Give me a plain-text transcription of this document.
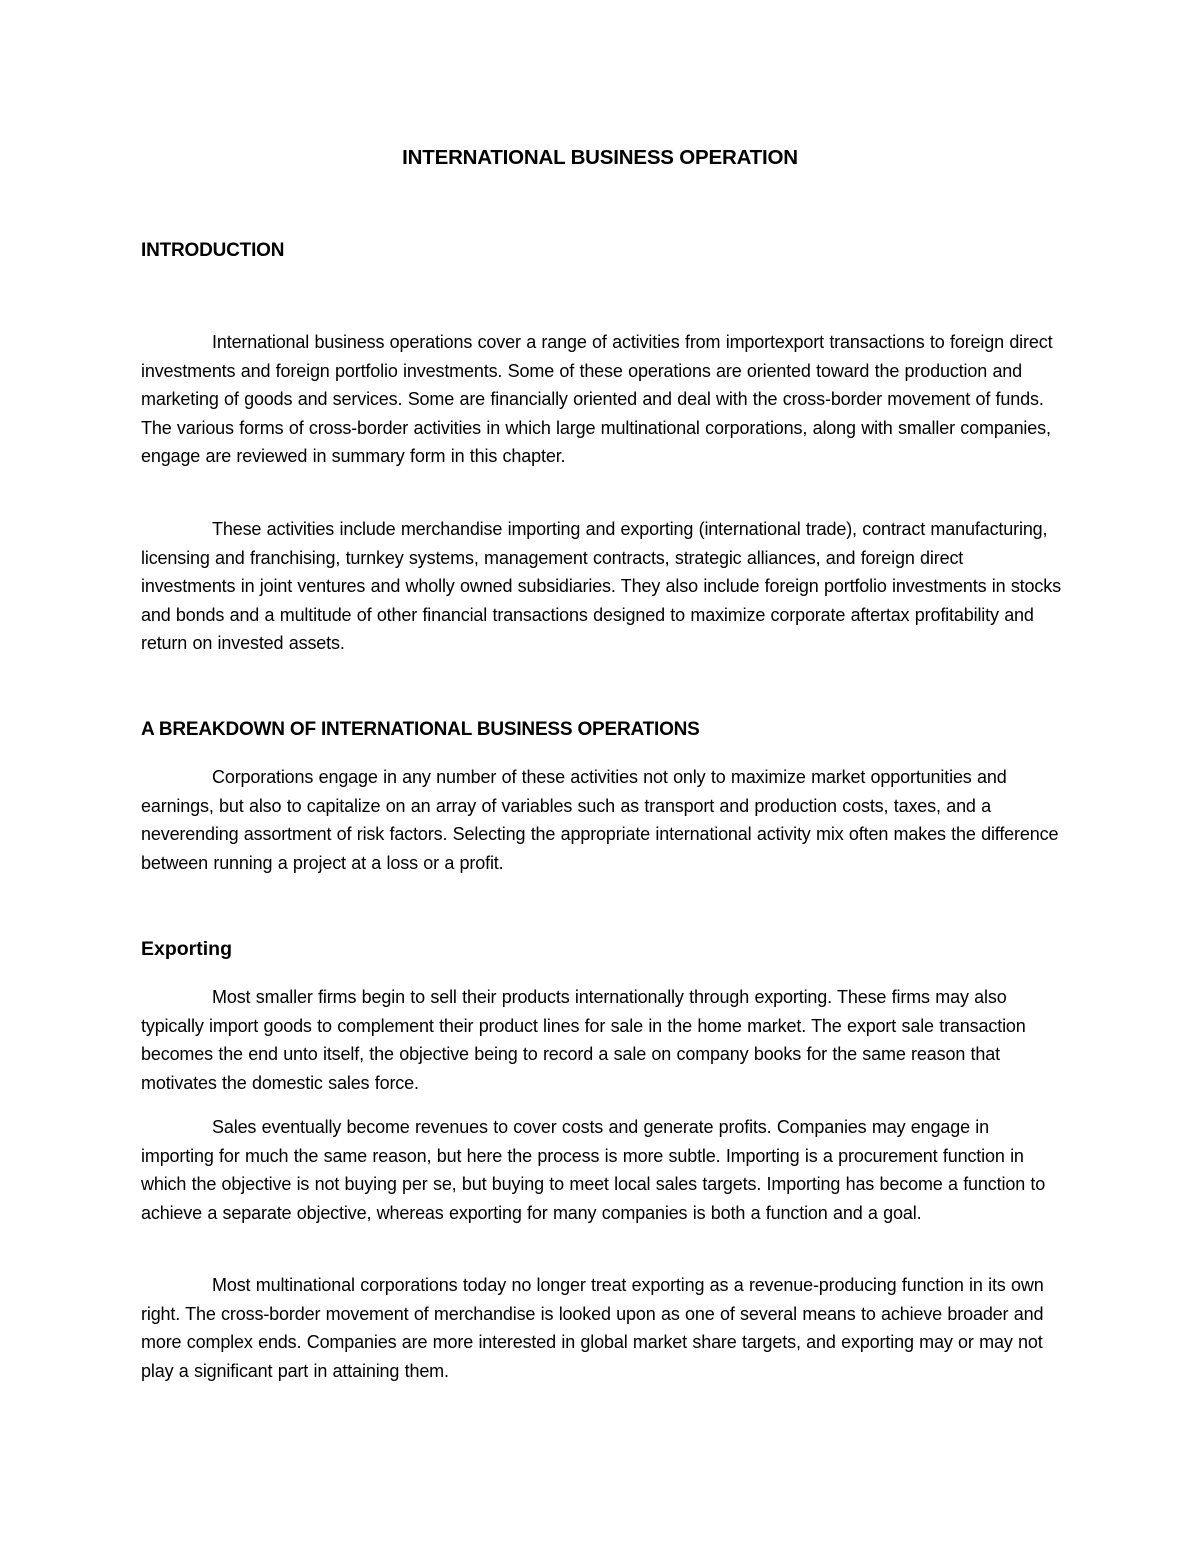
INTERNATIONAL BUSINESS OPERATION
INTRODUCTION

International business operations cover a range of activities from importexport transactions to foreign direct investments and foreign portfolio investments. Some of these operations are oriented toward the production and marketing of goods and services. Some are financially oriented and deal with the cross-border movement of funds. The various forms of cross-border activities in which large multinational corporations, along with smaller companies, engage are reviewed in summary form in this chapter.

These activities include merchandise importing and exporting (international trade), contract manufacturing, licensing and franchising, turnkey systems, management contracts, strategic alliances, and foreign direct investments in joint ventures and wholly owned subsidiaries. They also include foreign portfolio investments in stocks and bonds and a multitude of other financial transactions designed to maximize corporate aftertax profitability and return on invested assets.

A BREAKDOWN OF INTERNATIONAL BUSINESS OPERATIONS

Corporations engage in any number of these activities not only to maximize market opportunities and earnings, but also to capitalize on an array of variables such as transport and production costs, taxes, and a neverending assortment of risk factors. Selecting the appropriate international activity mix often makes the difference between running a project at a loss or a profit.

Exporting

Most smaller firms begin to sell their products internationally through exporting. These firms may also typically import goods to complement their product lines for sale in the home market. The export sale transaction becomes the end unto itself, the objective being to record a sale on company books for the same reason that motivates the domestic sales force.

Sales eventually become revenues to cover costs and generate profits. Companies may engage in importing for much the same reason, but here the process is more subtle. Importing is a procurement function in which the objective is not buying per se, but buying to meet local sales targets. Importing has become a function to achieve a separate objective, whereas exporting for many companies is both a function and a goal.

Most multinational corporations today no longer treat exporting as a revenue-producing function in its own right. The cross-border movement of merchandise is looked upon as one of several means to achieve broader and more complex ends. Companies are more interested in global market share targets, and exporting may or may not play a significant part in attaining them.
